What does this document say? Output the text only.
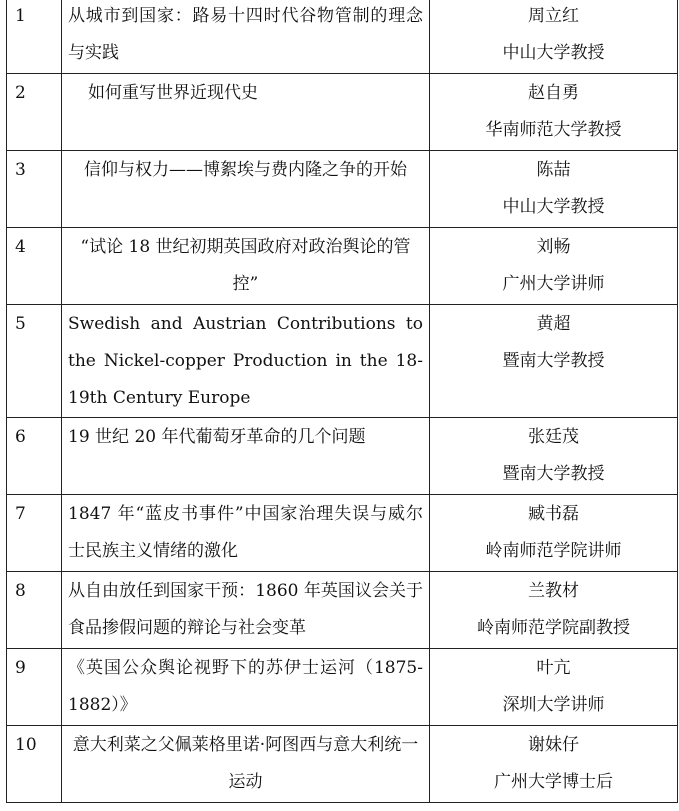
1	从城市到国家：路易十四时代谷物管制的理念与实践	周立红
中山大学教授

2	如何重写世界近现代史	赵自勇
华南师范大学教授

3	信仰与权力——博絮埃与费内隆之争的开始	陈喆
中山大学教授

4	“试论 18 世纪初期英国政府对政治舆论的管控”	刘畅
广州大学讲师

5	Swedish and Austrian Contributions to the Nickel-copper Production in the 18-19th Century Europe	黄超
暨南大学教授

6	19 世纪 20 年代葡萄牙革命的几个问题	张廷茂
暨南大学教授

7	1847 年“蓝皮书事件”中国家治理失误与威尔士民族主义情绪的激化	臧书磊
岭南师范学院讲师

8	从自由放任到国家干预：1860 年英国议会关于食品掺假问题的辩论与社会变革	兰教材
岭南师范学院副教授

9	《英国公众舆论视野下的苏伊士运河（1875-1882）》	叶亢
深圳大学讲师

10	意大利菜之父佩莱格里诺·阿图西与意大利统一运动	谢妹仔
广州大学博士后
